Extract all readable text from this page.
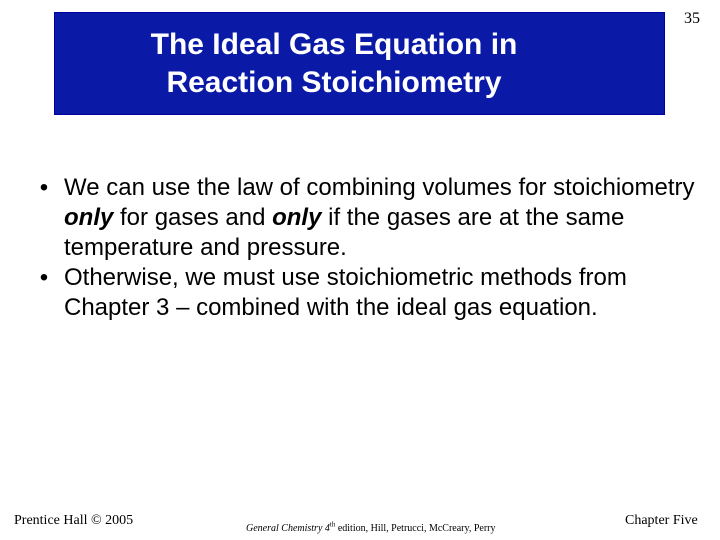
The Ideal Gas Equation in
Reaction Stoichiometry
35
• We can use the law of combining volumes for stoichiometry only for gases and only if the gases are at the same temperature and pressure.
• Otherwise, we must use stoichiometric methods from Chapter 3 – combined with the ideal gas equation.
Prentice Hall © 2005
General Chemistry 4th edition, Hill, Petrucci, McCreary, Perry
Chapter Five
